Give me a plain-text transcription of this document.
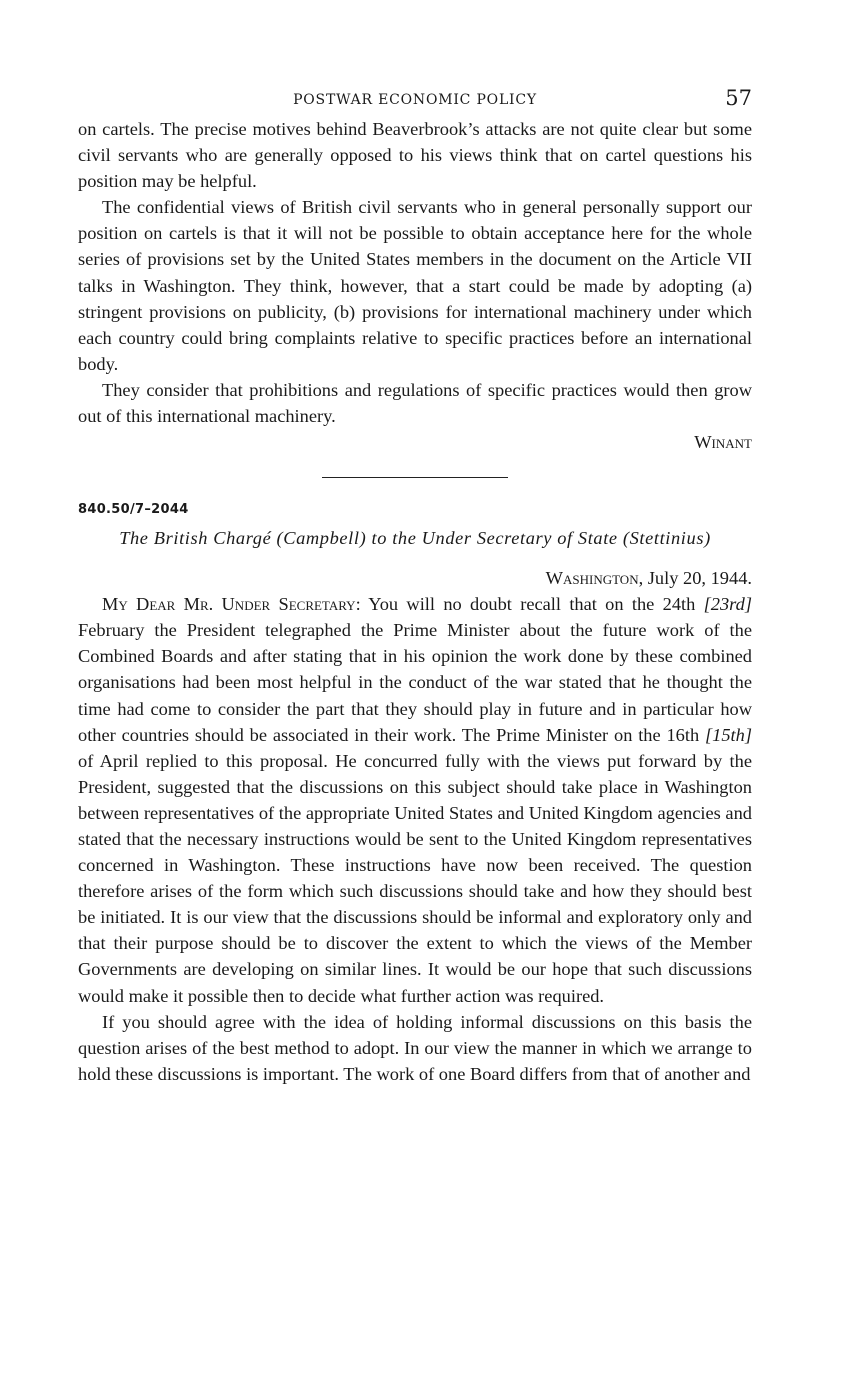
POSTWAR ECONOMIC POLICY	57

on cartels. The precise motives behind Beaverbrook’s attacks are not quite clear but some civil servants who are generally opposed to his views think that on cartel questions his position may be helpful.

The confidential views of British civil servants who in general personally support our position on cartels is that it will not be possible to obtain acceptance here for the whole series of provisions set by the United States members in the document on the Article VII talks in Washington. They think, however, that a start could be made by adopting (a) stringent provisions on publicity, (b) provisions for international machinery under which each country could bring complaints relative to specific practices before an international body.

They consider that prohibitions and regulations of specific practices would then grow out of this international machinery.

Winant
840.50/7–2044
The British Chargé (Campbell) to the Under Secretary of State (Stettinius)
Washington, July 20, 1944.

My Dear Mr. Under Secretary: You will no doubt recall that on the 24th [23rd] February the President telegraphed the Prime Minister about the future work of the Combined Boards and after stating that in his opinion the work done by these combined organisations had been most helpful in the conduct of the war stated that he thought the time had come to consider the part that they should play in future and in particular how other countries should be associated in their work. The Prime Minister on the 16th [15th] of April replied to this proposal. He concurred fully with the views put forward by the President, suggested that the discussions on this subject should take place in Washington between representatives of the appropriate United States and United Kingdom agencies and stated that the necessary instructions would be sent to the United Kingdom representatives concerned in Washington. These instructions have now been received. The question therefore arises of the form which such discussions should take and how they should best be initiated. It is our view that the discussions should be informal and exploratory only and that their purpose should be to discover the extent to which the views of the Member Governments are developing on similar lines. It would be our hope that such discussions would make it possible then to decide what further action was required.

If you should agree with the idea of holding informal discussions on this basis the question arises of the best method to adopt. In our view the manner in which we arrange to hold these discussions is important. The work of one Board differs from that of another and
